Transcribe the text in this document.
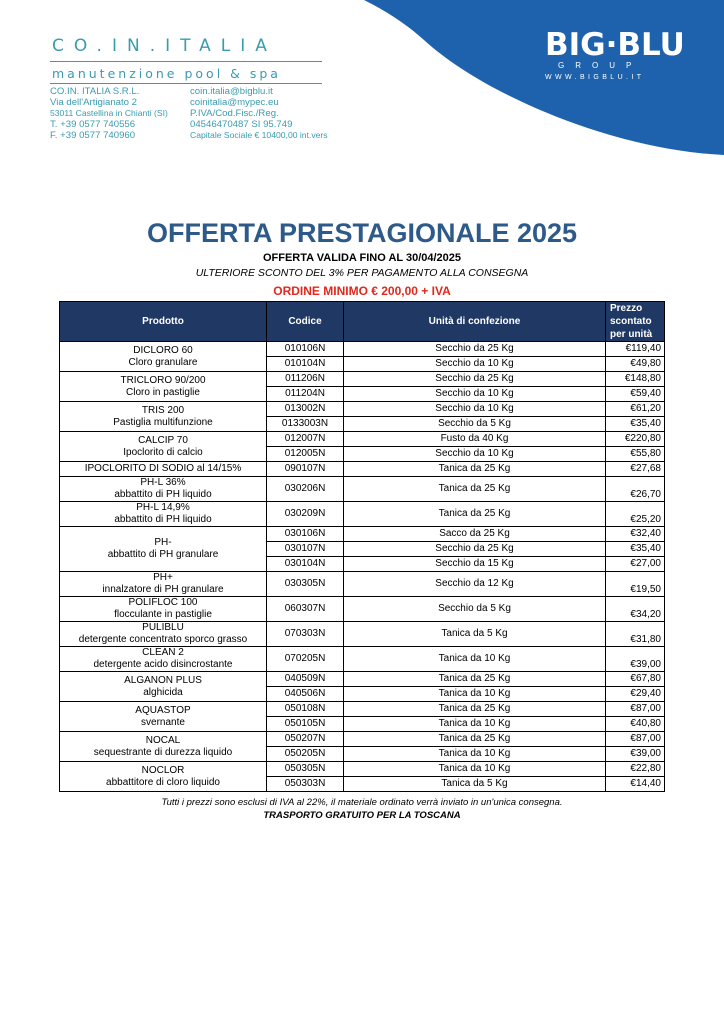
BIG·BLU
GROUP
WWW.BIGBLU.IT
CO.IN.ITALIA
manutenzione pool & spa
CO.IN. ITALIA S.R.L.
Via dell'Artigianato 2
53011 Castellina in Chianti (SI)
T. +39 0577 740556
F. +39 0577 740960
coin.italia@bigblu.it
coinitalia@mypec.eu
P.IVA/Cod.Fisc./Reg.
04546470487 SI 95.749
Capitale Sociale € 10400,00 int.vers
OFFERTA PRESTAGIONALE 2025
OFFERTA VALIDA FINO AL 30/04/2025
ULTERIORE SCONTO DEL 3% PER PAGAMENTO ALLA CONSEGNA
ORDINE MINIMO € 200,00 + IVA
Prodotto	Codice	Unità di confezione	Prezzo scontato per unità

DICLORO 60
Cloro granulare	010106N	Secchio da 25 Kg	€119,40
	010104N	Secchio da 10 Kg	€49,80

TRICLORO 90/200
Cloro in pastiglie	011206N	Secchio da 25 Kg	€148,80
	011204N	Secchio da 10 Kg	€59,40

TRIS 200
Pastiglia multifunzione	013002N	Secchio da 10 Kg	€61,20
	0133003N	Secchio da 5 Kg	€35,40

CALCIP 70
Ipoclorito di calcio	012007N	Fusto da 40 Kg	€220,80
	012005N	Secchio da 10 Kg	€55,80

IPOCLORITO DI SODIO al 14/15%	090107N	Tanica da 25 Kg	€27,68

PH-L 36%
abbattito di PH liquido	030206N	Tanica da 25 Kg	€26,70

PH-L 14,9%
abbattito di PH liquido	030209N	Tanica da 25 Kg	€25,20

PH-
abbattito di PH granulare	030106N	Sacco da 25 Kg	€32,40
	030107N	Secchio da 25 Kg	€35,40
	030104N	Secchio da 15 Kg	€27,00

PH+
innalzatore di PH granulare	030305N	Secchio da 12 Kg	€19,50

POLIFLOC 100
flocculante in pastiglie	060307N	Secchio da 5 Kg	€34,20

PULIBLU
detergente concentrato sporco grasso	070303N	Tanica da 5 Kg	€31,80

CLEAN 2
detergente acido disincrostante	070205N	Tanica da 10 Kg	€39,00

ALGANON PLUS
alghicida	040509N	Tanica da 25 Kg	€67,80
	040506N	Tanica da 10 Kg	€29,40

AQUASTOP
svernante	050108N	Tanica da 25 Kg	€87,00
	050105N	Tanica da 10 Kg	€40,80

NOCAL
sequestrante di durezza liquido	050207N	Tanica da 25 Kg	€87,00
	050205N	Tanica da 10 Kg	€39,00

NOCLOR
abbattitore di cloro liquido	050305N	Tanica da 10 Kg	€22,80
	050303N	Tanica da 5 Kg	€14,40
Tutti i prezzi sono esclusi di IVA al 22%, il materiale ordinato verrà inviato in un'unica consegna.
TRASPORTO GRATUITO PER LA TOSCANA
